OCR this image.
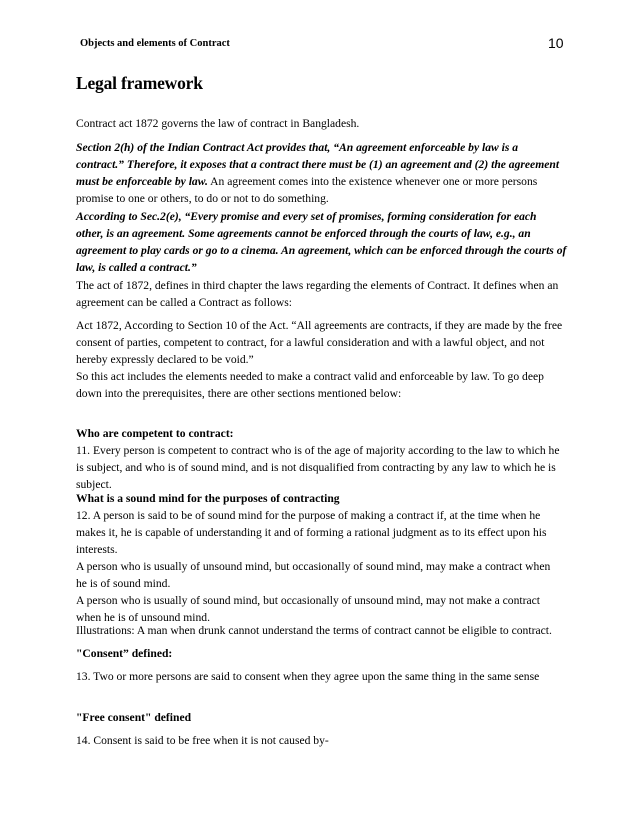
Objects and elements of Contract	10
Legal framework

Contract act 1872 governs the law of contract in Bangladesh.

Section 2(h) of the Indian Contract Act provides that, “An agreement enforceable by law is a
contract.” Therefore, it exposes that a contract there must be (1) an agreement and (2) the agreement
must be enforceable by law. An agreement comes into the existence whenever one or more persons
promise to one or others, to do or not to do something.

According to Sec.2(e), “Every promise and every set of promises, forming consideration for each
other, is an agreement. Some agreements cannot be enforced through the courts of law, e.g., an
agreement to play cards or go to a cinema. An agreement, which can be enforced through the courts of
law, is called a contract.”

The act of 1872, defines in third chapter the laws regarding the elements of Contract. It defines when an
agreement can be called a Contract as follows:

Act 1872, According to Section 10 of the Act. “All agreements are contracts, if they are made by the free
consent of parties, competent to contract, for a lawful consideration and with a lawful object, and not
hereby expressly declared to be void.”

So this act includes the elements needed to make a contract valid and enforceable by law. To go deep
down into the prerequisites, there are other sections mentioned below:

Who are competent to contract:
11. Every person is competent to contract who is of the age of majority according to the law to which he
is subject, and who is of sound mind, and is not disqualified from contracting by any law to which he is
subject.

What is a sound mind for the purposes of contracting
12. A person is said to be of sound mind for the purpose of making a contract if, at the time when he
makes it, he is capable of understanding it and of forming a rational judgment as to its effect upon his
interests.
A person who is usually of unsound mind, but occasionally of sound mind, may make a contract when
he is of sound mind.
A person who is usually of sound mind, but occasionally of unsound mind, may not make a contract
when he is of unsound mind.

Illustrations: A man when drunk cannot understand the terms of contract cannot be eligible to contract.

"Consent” defined:
13. Two or more persons are said to consent when they agree upon the same thing in the same sense

"Free consent" defined
14. Consent is said to be free when it is not caused by-
